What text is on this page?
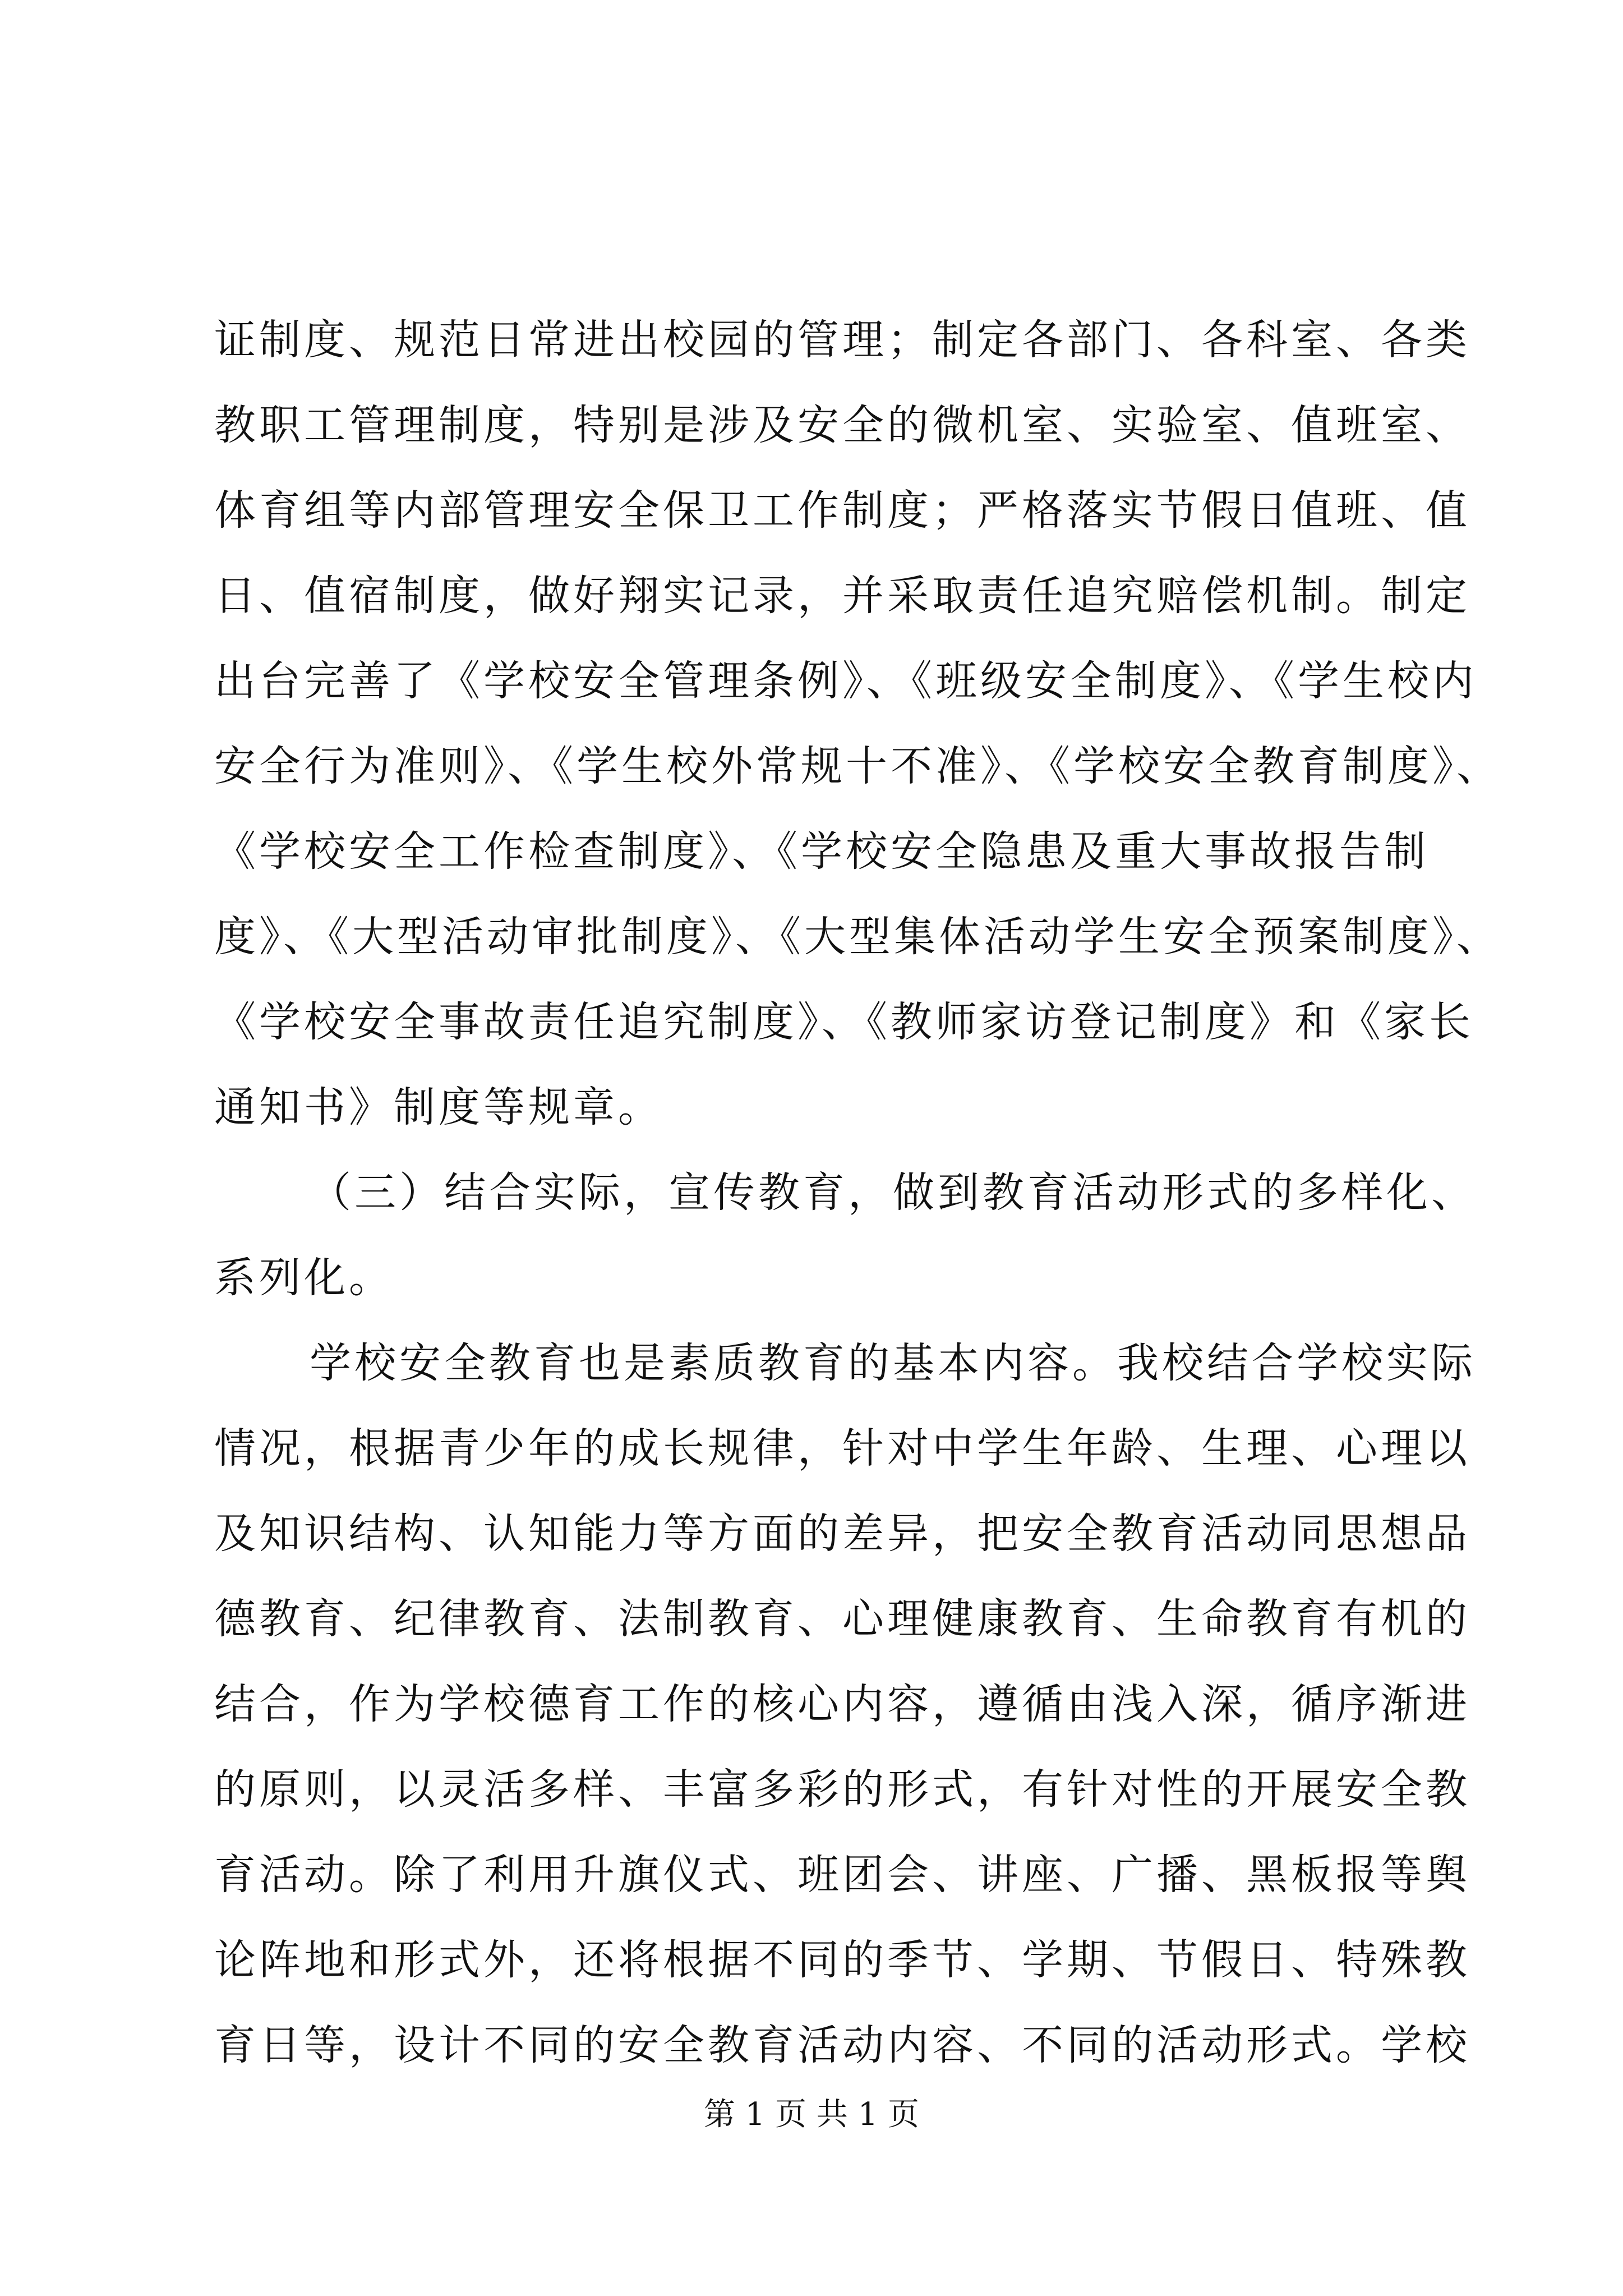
证制度、规范日常进出校园的管理；制定各部门、各科室、各类
教职工管理制度，特别是涉及安全的微机室、实验室、值班室、
体育组等内部管理安全保卫工作制度；严格落实节假日值班、值
日、值宿制度，做好翔实记录，并采取责任追究赔偿机制。制定
出台完善了《学校安全管理条例》、《班级安全制度》、《学生校内
安全行为准则》、《学生校外常规十不准》、《学校安全教育制度》、
《学校安全工作检查制度》、《学校安全隐患及重大事故报告制
度》、《大型活动审批制度》、《大型集体活动学生安全预案制度》、
《学校安全事故责任追究制度》、《教师家访登记制度》和《家长
通知书》制度等规章。
（三）结合实际，宣传教育，做到教育活动形式的多样化、
系列化。
学校安全教育也是素质教育的基本内容。我校结合学校实际
情况，根据青少年的成长规律，针对中学生年龄、生理、心理以
及知识结构、认知能力等方面的差异，把安全教育活动同思想品
德教育、纪律教育、法制教育、心理健康教育、生命教育有机的
结合，作为学校德育工作的核心内容，遵循由浅入深，循序渐进
的原则，以灵活多样、丰富多彩的形式，有针对性的开展安全教
育活动。除了利用升旗仪式、班团会、讲座、广播、黑板报等舆
论阵地和形式外，还将根据不同的季节、学期、节假日、特殊教
育日等，设计不同的安全教育活动内容、不同的活动形式。学校
第 1 页 共 1 页
